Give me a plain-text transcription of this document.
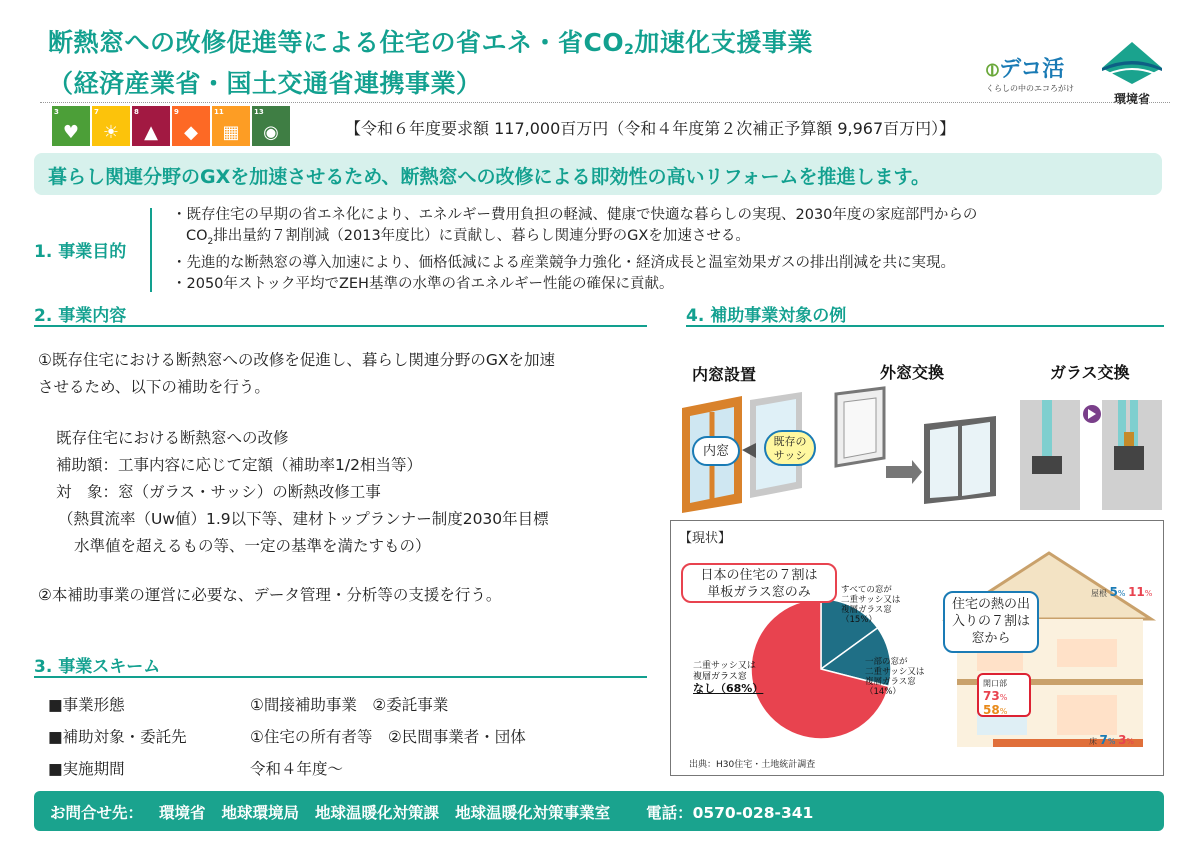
断熱窓への改修促進等による住宅の省エネ・省$CO_2$加速化支援事業
（経済産業省・国土交通省連携事業）	⦶デコ活
くらしの中のエコろがけ
環境省
3
♥
7
☀
8
▲
9
◆
11
▦
13
◉	【令和６年度要求額 117,000百万円（令和４年度第２次補正予算額 9,967百万円）】
暮らし関連分野のGXを加速させるため、断熱窓への改修による即効性の高いリフォームを推進します。
1. 事業目的
・既存住宅の早期の省エネ化により、エネルギー費用負担の軽減、健康で快適な暮らしの実現、2030年度の家庭部門からの
$CO_2$排出量約７割削減（2013年度比）に貢献し、暮らし関連分野のGXを加速させる。
・先進的な断熱窓の導入加速により、価格低減による産業競争力強化・経済成長と温室効果ガスの排出削減を共に実現。
・2050年ストック平均でZEH基準の水準の省エネルギー性能の確保に貢献。
2. 事業内容
①既存住宅における断熱窓への改修を促進し、暮らし関連分野のGXを加速
させるため、以下の補助を行う。
既存住宅における断熱窓への改修
補助額：工事内容に応じて定額（補助率1/2相当等）
対　象：窓（ガラス・サッシ）の断熱改修工事
（熱貫流率（Uw値）1.9以下等、建材トップランナー制度2030年目標
水準値を超えるもの等、一定の基準を満たすもの）
②本補助事業の運営に必要な、データ管理・分析等の支援を行う。
3. 事業スキーム
■事業形態	①間接補助事業　②委託事業
■補助対象・委託先	①住宅の所有者等　②民間事業者・団体
■実施期間	令和４年度～
4. 補助事業対象の例
内窓設置	外窓交換	ガラス交換
内窓
既存の
サッシ
【現状】
日本の住宅の７割は
単板ガラス窓のみ
二重サッシ又は
複層ガラス窓
なし（68%）
すべての窓が
二重サッシ又は
複層ガラス窓
（15%）
一部の窓が
二重サッシ又は
複層ガラス窓
（14%）
出典：H30住宅・土地統計調査
住宅の熱の出
入りの７割は
窓から
屋根 5% 11%
開口部
73%
58%
床 7% 3%
お問合せ先： 環境省 地球環境局 地球温暖化対策課 地球温暖化対策事業室 電話：0570-028-341
